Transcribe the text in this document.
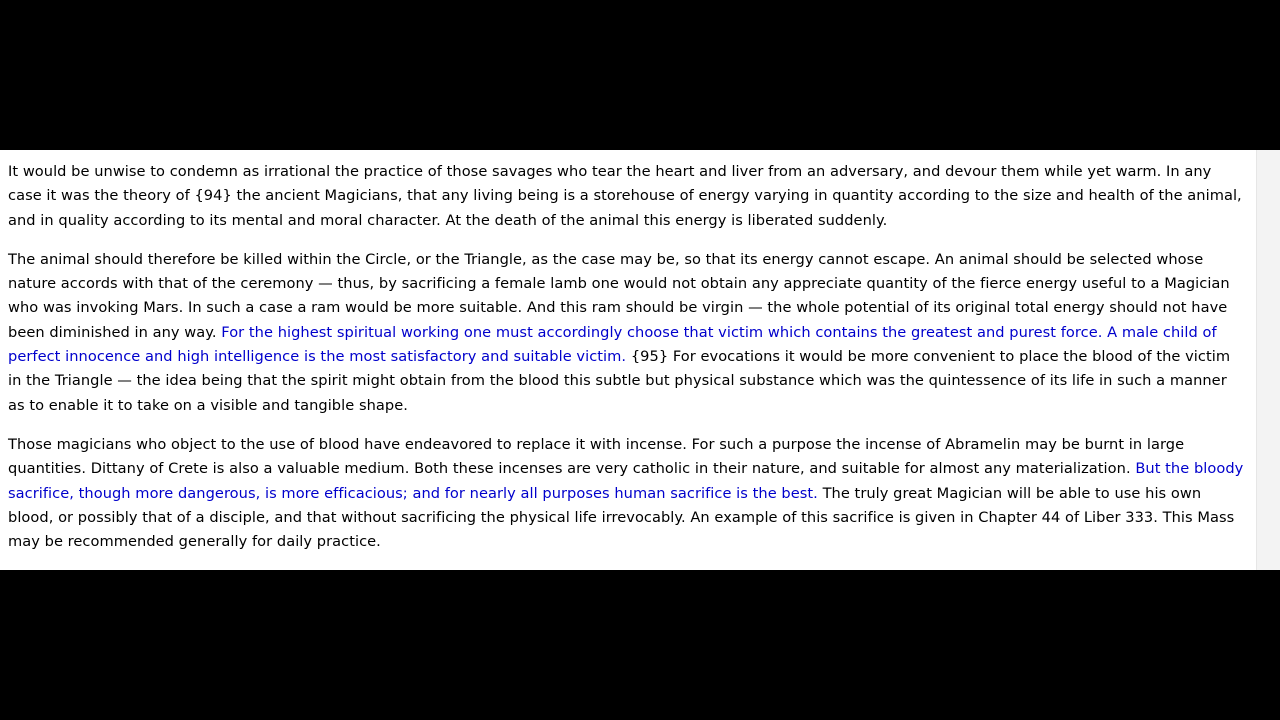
It would be unwise to condemn as irrational the practice of those savages who tear the heart and liver from an adversary, and devour them while yet warm. In any case it was the theory of {94} the ancient Magicians, that any living being is a storehouse of energy varying in quantity according to the size and health of the animal, and in quality according to its mental and moral character. At the death of the animal this energy is liberated suddenly.

The animal should therefore be killed within the Circle, or the Triangle, as the case may be, so that its energy cannot escape. An animal should be selected whose nature accords with that of the ceremony — thus, by sacrificing a female lamb one would not obtain any appreciate quantity of the fierce energy useful to a Magician who was invoking Mars. In such a case a ram would be more suitable. And this ram should be virgin — the whole potential of its original total energy should not have been diminished in any way. For the highest spiritual working one must accordingly choose that victim which contains the greatest and purest force. A male child of perfect innocence and high intelligence is the most satisfactory and suitable victim. {95} For evocations it would be more convenient to place the blood of the victim in the Triangle — the idea being that the spirit might obtain from the blood this subtle but physical substance which was the quintessence of its life in such a manner as to enable it to take on a visible and tangible shape.

Those magicians who object to the use of blood have endeavored to replace it with incense. For such a purpose the incense of Abramelin may be burnt in large quantities. Dittany of Crete is also a valuable medium. Both these incenses are very catholic in their nature, and suitable for almost any materialization. But the bloody sacrifice, though more dangerous, is more efficacious; and for nearly all purposes human sacrifice is the best. The truly great Magician will be able to use his own blood, or possibly that of a disciple, and that without sacrificing the physical life irrevocably. An example of this sacrifice is given in Chapter 44 of Liber 333. This Mass may be recommended generally for daily practice.
